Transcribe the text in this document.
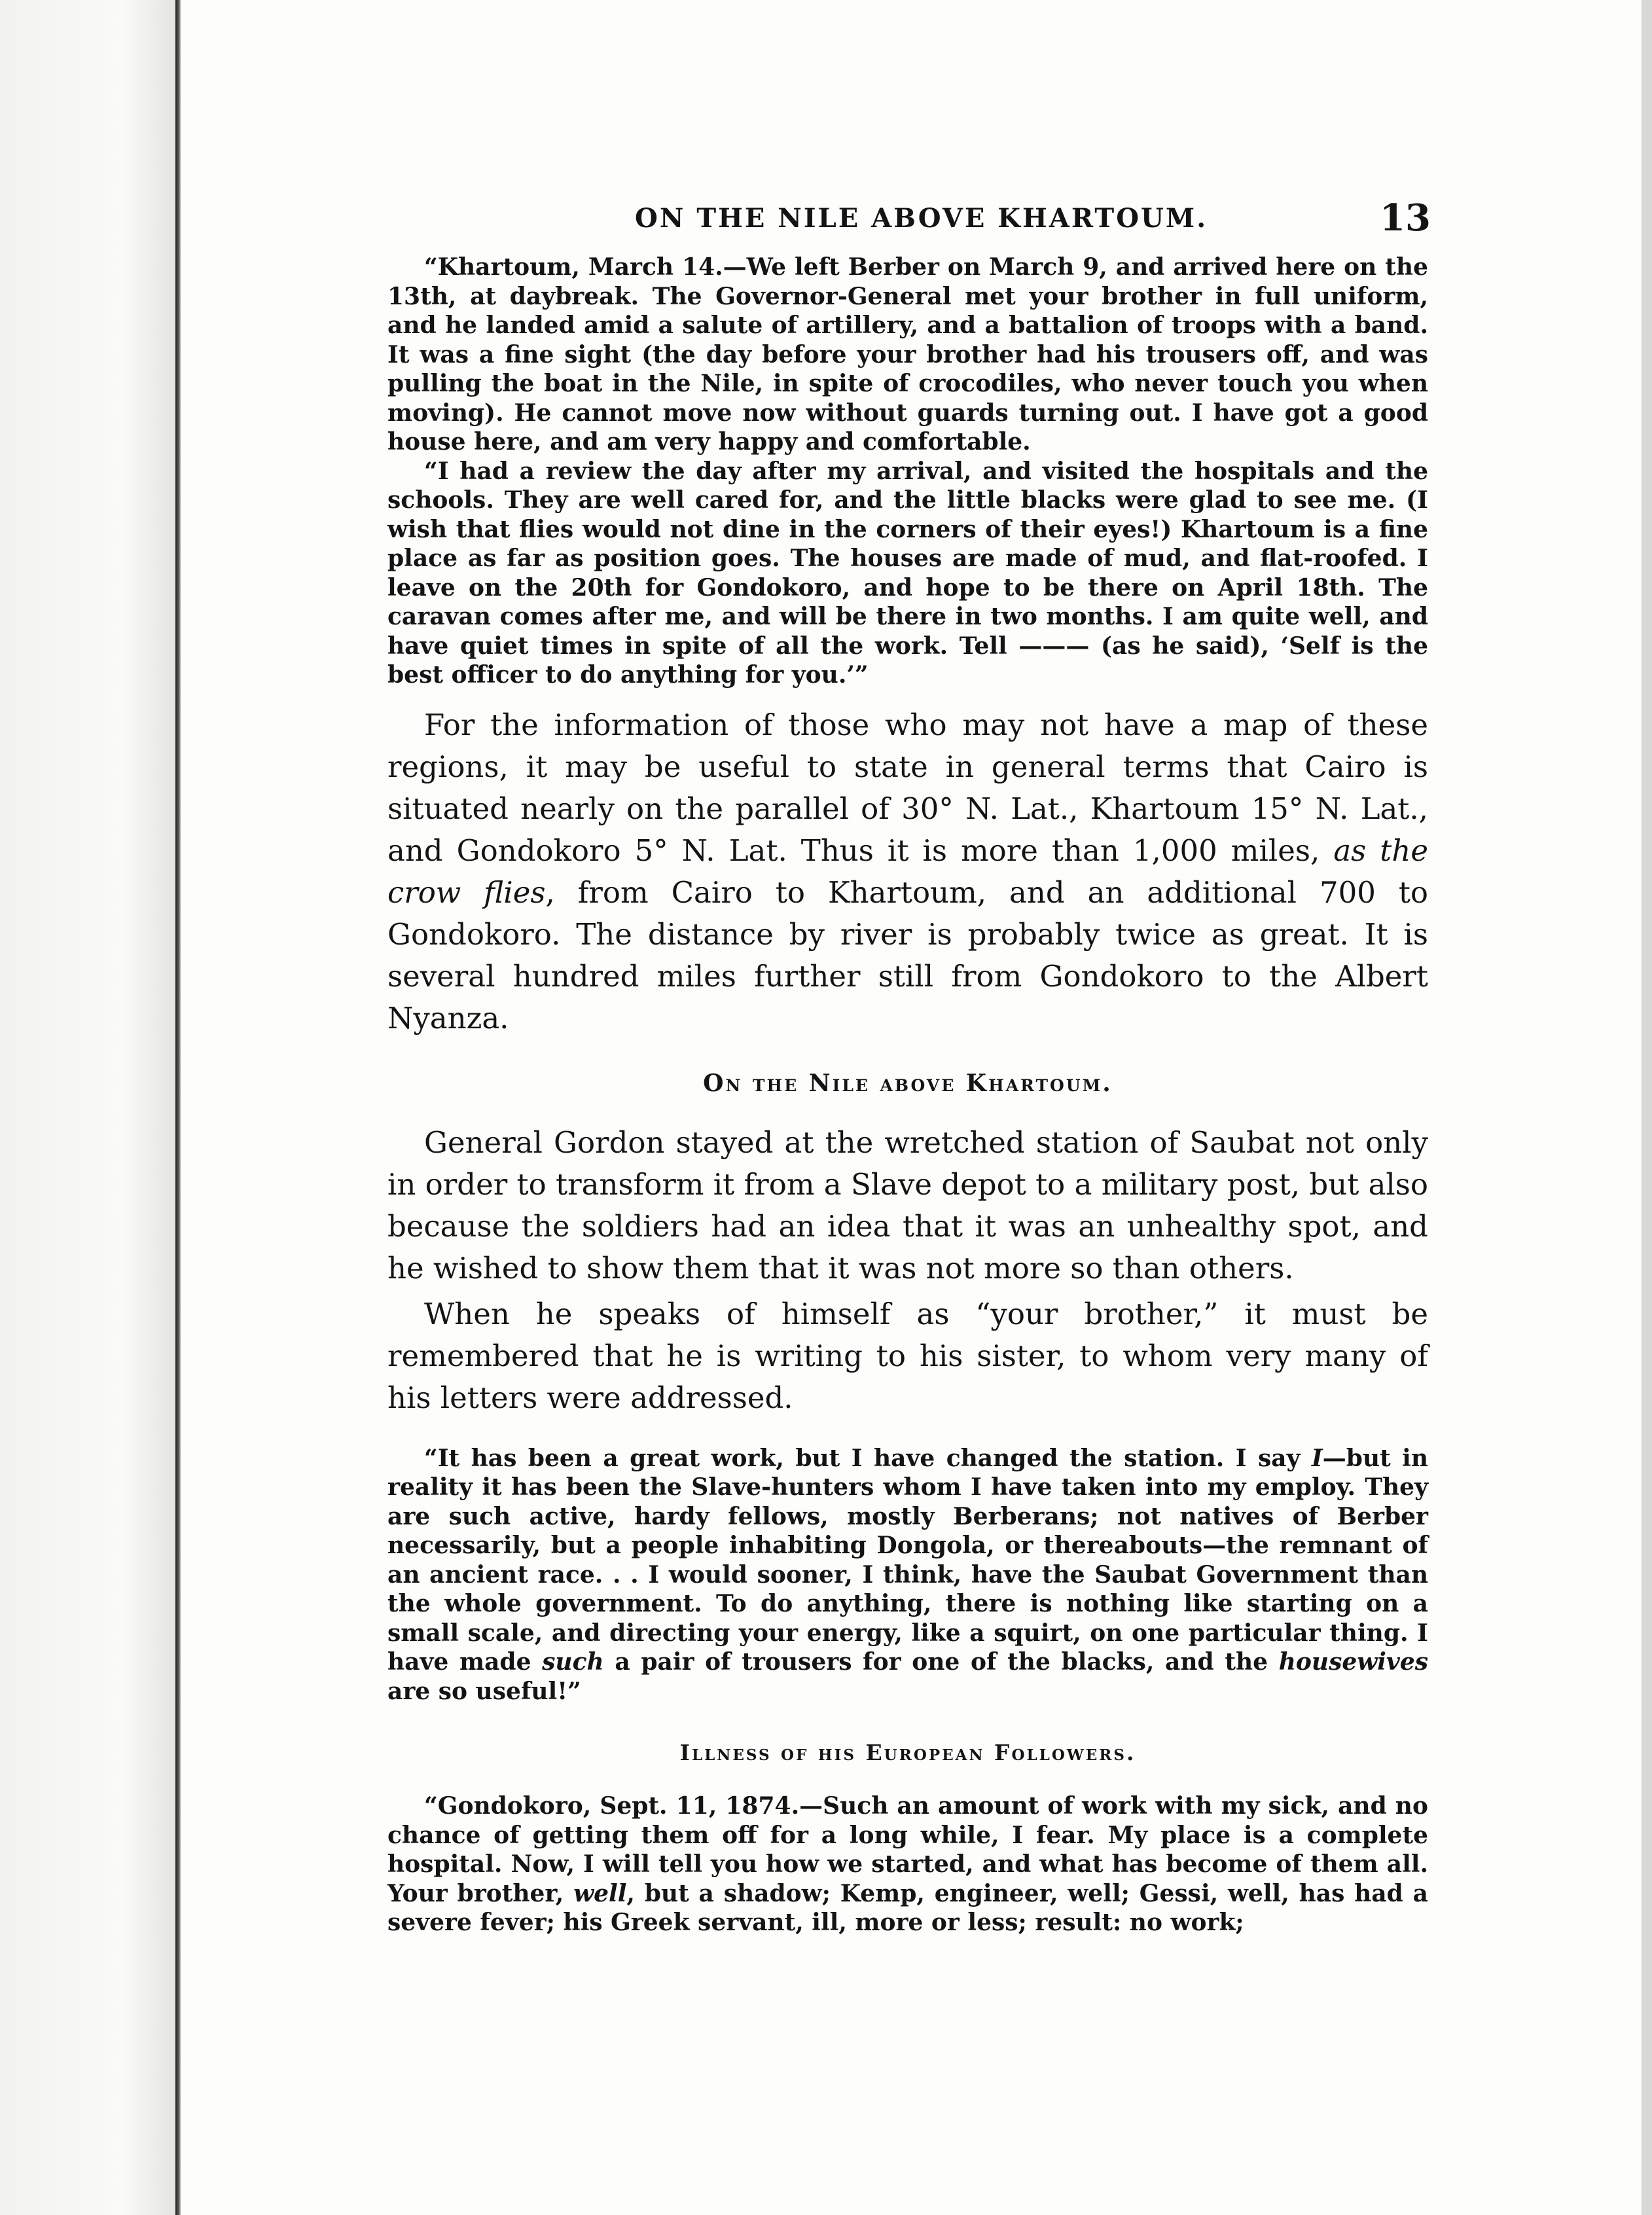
ON THE NILE ABOVE KHARTOUM.	13

“Khartoum, March 14.—We left Berber on March 9, and arrived here on the 13th, at daybreak. The Governor-General met your brother in full uniform, and he landed amid a salute of artillery, and a battalion of troops with a band. It was a fine sight (the day before your brother had his trousers off, and was pulling the boat in the Nile, in spite of crocodiles, who never touch you when moving). He cannot move now without guards turning out. I have got a good house here, and am very happy and comfortable.

“I had a review the day after my arrival, and visited the hospitals and the schools. They are well cared for, and the little blacks were glad to see me. (I wish that flies would not dine in the corners of their eyes!) Khartoum is a fine place as far as position goes. The houses are made of mud, and flat-roofed. I leave on the 20th for Gondokoro, and hope to be there on April 18th. The caravan comes after me, and will be there in two months. I am quite well, and have quiet times in spite of all the work. Tell ——— (as he said), ‘Self is the best officer to do anything for you.’”

For the information of those who may not have a map of these regions, it may be useful to state in general terms that Cairo is situated nearly on the parallel of 30° N. Lat., Khartoum 15° N. Lat., and Gondokoro 5° N. Lat. Thus it is more than 1,000 miles, as the crow flies, from Cairo to Khartoum, and an additional 700 to Gondokoro. The distance by river is probably twice as great. It is several hundred miles further still from Gondokoro to the Albert Nyanza.

On the Nile above Khartoum.

General Gordon stayed at the wretched station of Saubat not only in order to transform it from a Slave depot to a military post, but also because the soldiers had an idea that it was an unhealthy spot, and he wished to show them that it was not more so than others.

When he speaks of himself as “your brother,” it must be remembered that he is writing to his sister, to whom very many of his letters were addressed.

“It has been a great work, but I have changed the station. I say I—but in reality it has been the Slave-hunters whom I have taken into my employ. They are such active, hardy fellows, mostly Berberans; not natives of Berber necessarily, but a people inhabiting Dongola, or thereabouts—the remnant of an ancient race. . . I would sooner, I think, have the Saubat Government than the whole government. To do anything, there is nothing like starting on a small scale, and directing your energy, like a squirt, on one particular thing. I have made such a pair of trousers for one of the blacks, and the housewives are so useful!”

Illness of his European Followers.

“Gondokoro, Sept. 11, 1874.—Such an amount of work with my sick, and no chance of getting them off for a long while, I fear. My place is a complete hospital. Now, I will tell you how we started, and what has become of them all. Your brother, well, but a shadow; Kemp, engineer, well; Gessi, well, has had a severe fever; his Greek servant, ill, more or less; result: no work;
